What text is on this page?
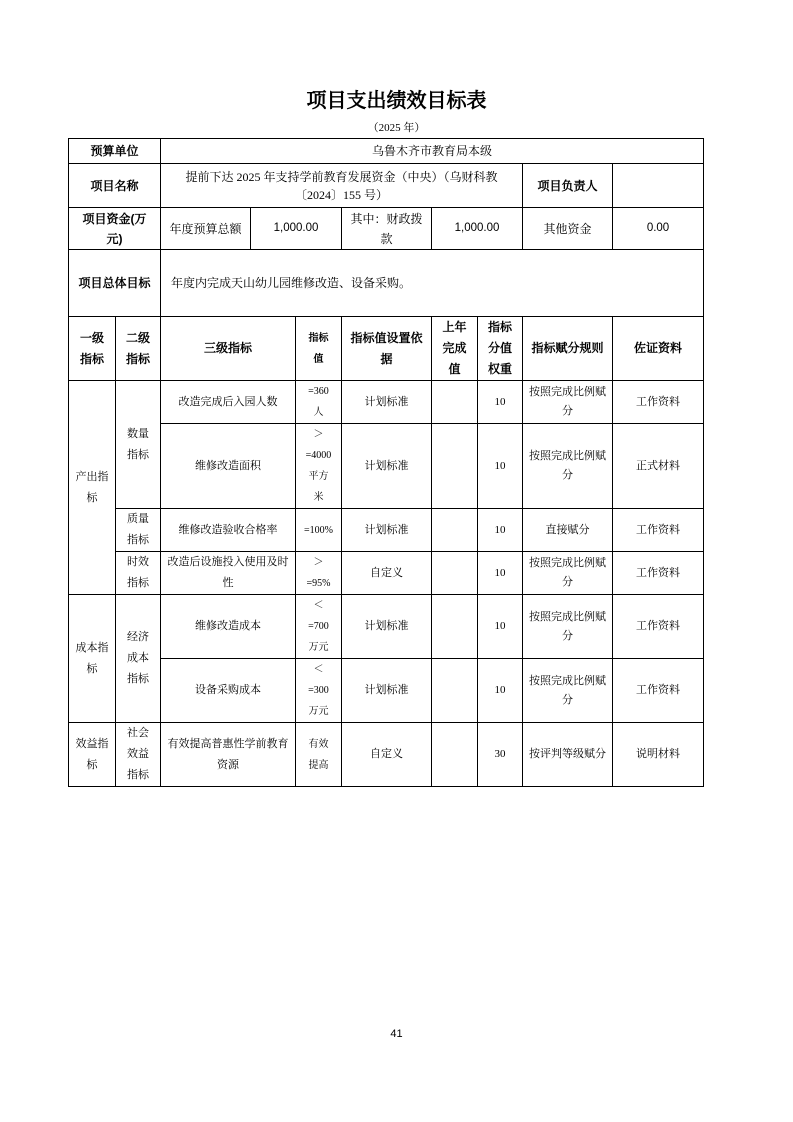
项目支出绩效目标表
（2025 年）
预算单位	乌鲁木齐市教育局本级					
项目名称	提前下达 2025 年支持学前教育发展资金（中央）（乌财科教〔2024〕155 号）				项目负责人	
项目资金(万元)	年度预算总额	1,000.00	其中：财政拨款	1,000.00	其他资金	0.00
项目总体目标	年度内完成天山幼儿园维修改造、设备采购。					
一级指标	二级指标	三级指标	指标值	指标值设置依据	上年完成值	指标分值权重	指标赋分规则	佐证资料
产出指标	数量指标	改造完成后入园人数	=360人	计划标准		10	按照完成比例赋分	工作资料
		维修改造面积	＞=4000平方米	计划标准		10	按照完成比例赋分	正式材料
	质量指标	维修改造验收合格率	=100%	计划标准		10	直接赋分	工作资料
	时效指标	改造后设施投入使用及时性	＞=95%	自定义		10	按照完成比例赋分	工作资料
成本指标	经济成本指标	维修改造成本	＜=700万元	计划标准		10	按照完成比例赋分	工作资料
		设备采购成本	＜=300万元	计划标准		10	按照完成比例赋分	工作资料
效益指标	社会效益指标	有效提高普惠性学前教育资源	有效提高	自定义		30	按评判等级赋分	说明材料
41
